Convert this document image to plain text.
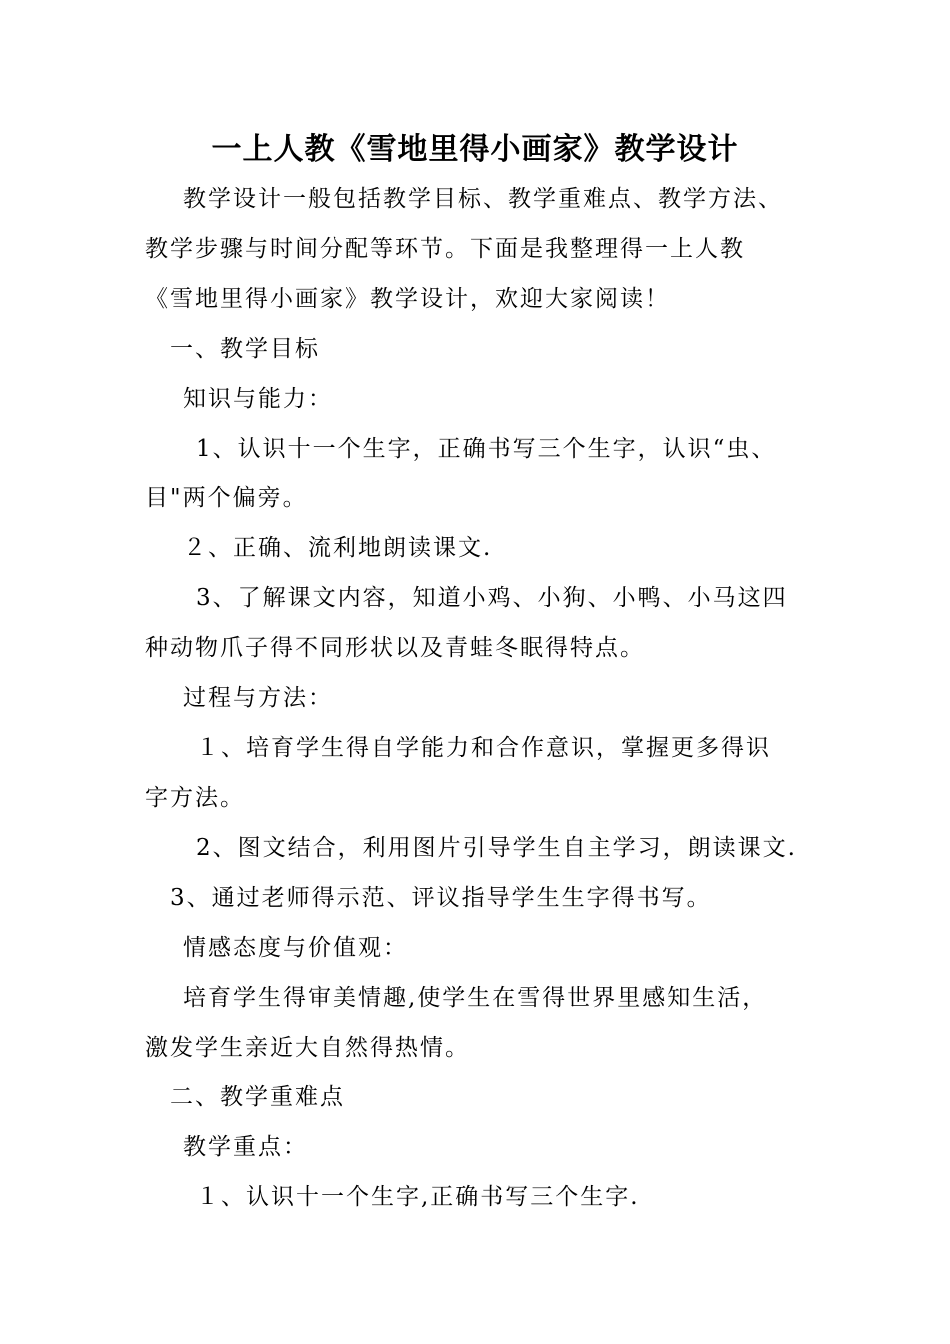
一上人教《雪地里得小画家》教学设计
教学设计一般包括教学目标、教学重难点、教学方法、
教学步骤与时间分配等环节。下面是我整理得一上人教
《雪地里得小画家》教学设计，欢迎大家阅读！
一、教学目标
知识与能力：
1、认识十一个生字，正确书写三个生字，认识“虫、
目"两个偏旁。
２、正确、流利地朗读课文.
3、了解课文内容，知道小鸡、小狗、小鸭、小马这四
种动物爪子得不同形状以及青蛙冬眠得特点。
过程与方法：
１、培育学生得自学能力和合作意识，掌握更多得识
字方法。
2、图文结合，利用图片引导学生自主学习，朗读课文.
3、通过老师得示范、评议指导学生生字得书写。
情感态度与价值观：
培育学生得审美情趣,使学生在雪得世界里感知生活，
激发学生亲近大自然得热情。
二、教学重难点
教学重点：
１、认识十一个生字,正确书写三个生字.
